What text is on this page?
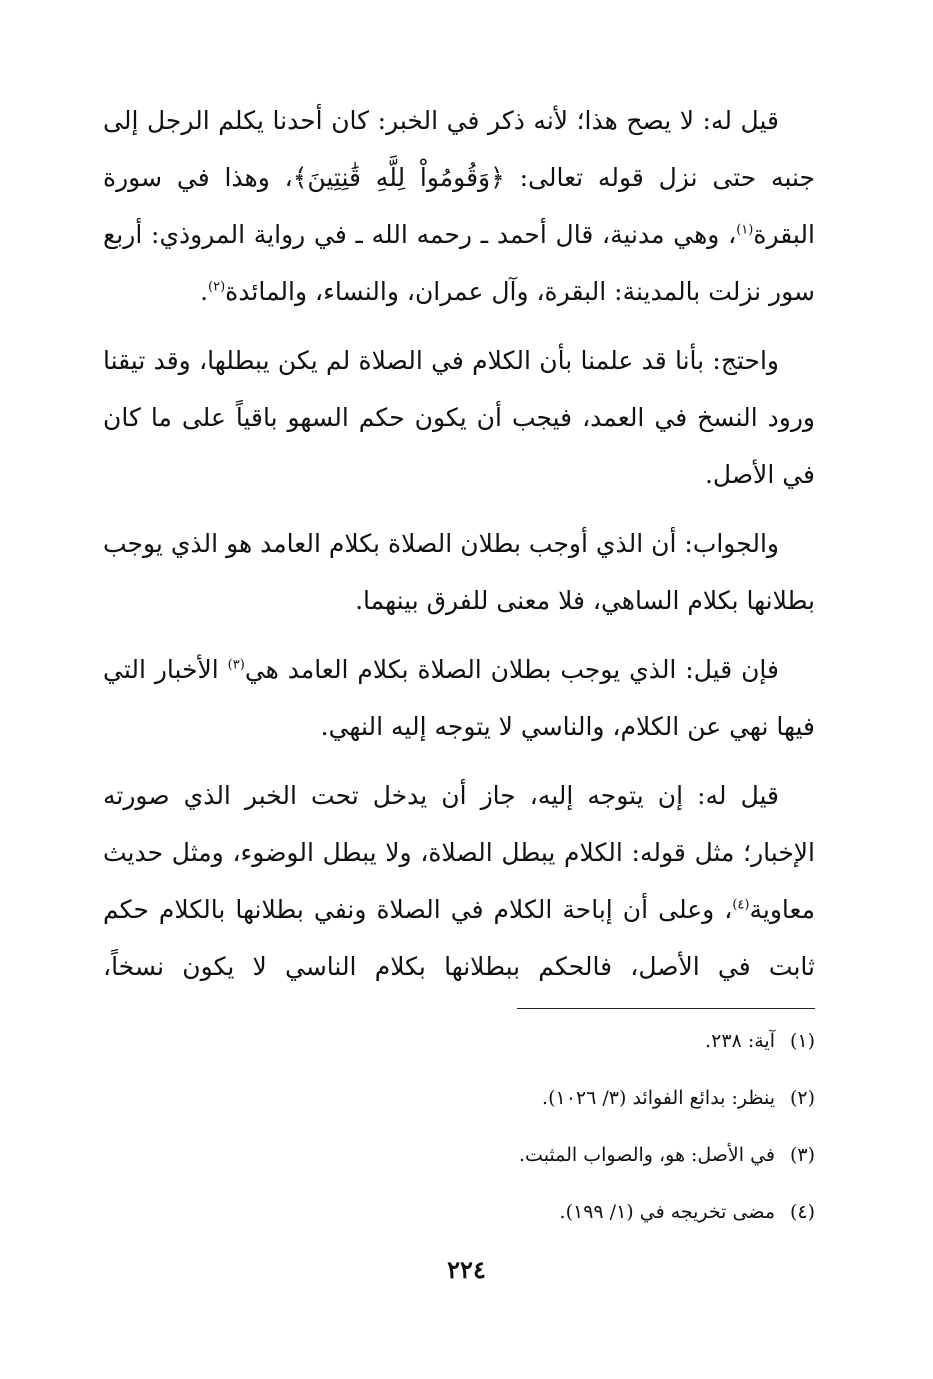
قيل له: لا يصح هذا؛ لأنه ذكر في الخبر: كان أحدنا يكلم الرجل إلى جنبه حتى نزل قوله تعالى: ﴿وَقُومُواْ لِلَّهِ قَٰنِتِينَ﴾، وهذا في سورة البقرة$^{(١)}$، وهي مدنية، قال أحمد ـ رحمه الله ـ في رواية المروذي: أربع سور نزلت بالمدينة: البقرة، وآل عمران، والنساء، والمائدة$^{(٢)}$.

واحتج: بأنا قد علمنا بأن الكلام في الصلاة لم يكن يبطلها، وقد تيقنا ورود النسخ في العمد، فيجب أن يكون حكم السهو باقياً على ما كان في الأصل.

والجواب: أن الذي أوجب بطلان الصلاة بكلام العامد هو الذي يوجب بطلانها بكلام الساهي، فلا معنى للفرق بينهما.

فإن قيل: الذي يوجب بطلان الصلاة بكلام العامد هي$^{(٣)}$ الأخبار التي فيها نهي عن الكلام، والناسي لا يتوجه إليه النهي.

قيل له: إن يتوجه إليه، جاز أن يدخل تحت الخبر الذي صورته الإخبار؛ مثل قوله: الكلام يبطل الصلاة، ولا يبطل الوضوء، ومثل حديث معاوية$^{(٤)}$، وعلى أن إباحة الكلام في الصلاة ونفي بطلانها بالكلام حكم ثابت في الأصل، فالحكم ببطلانها بكلام الناسي لا يكون نسخاً،

(١)
آية: ٢٣٨.
(٢)
ينظر: بدائع الفوائد (٣/ ١٠٢٦).
(٣)
في الأصل: هو، والصواب المثبت.
(٤)
مضى تخريجه في (١/ ١٩٩).
٢٢٤
